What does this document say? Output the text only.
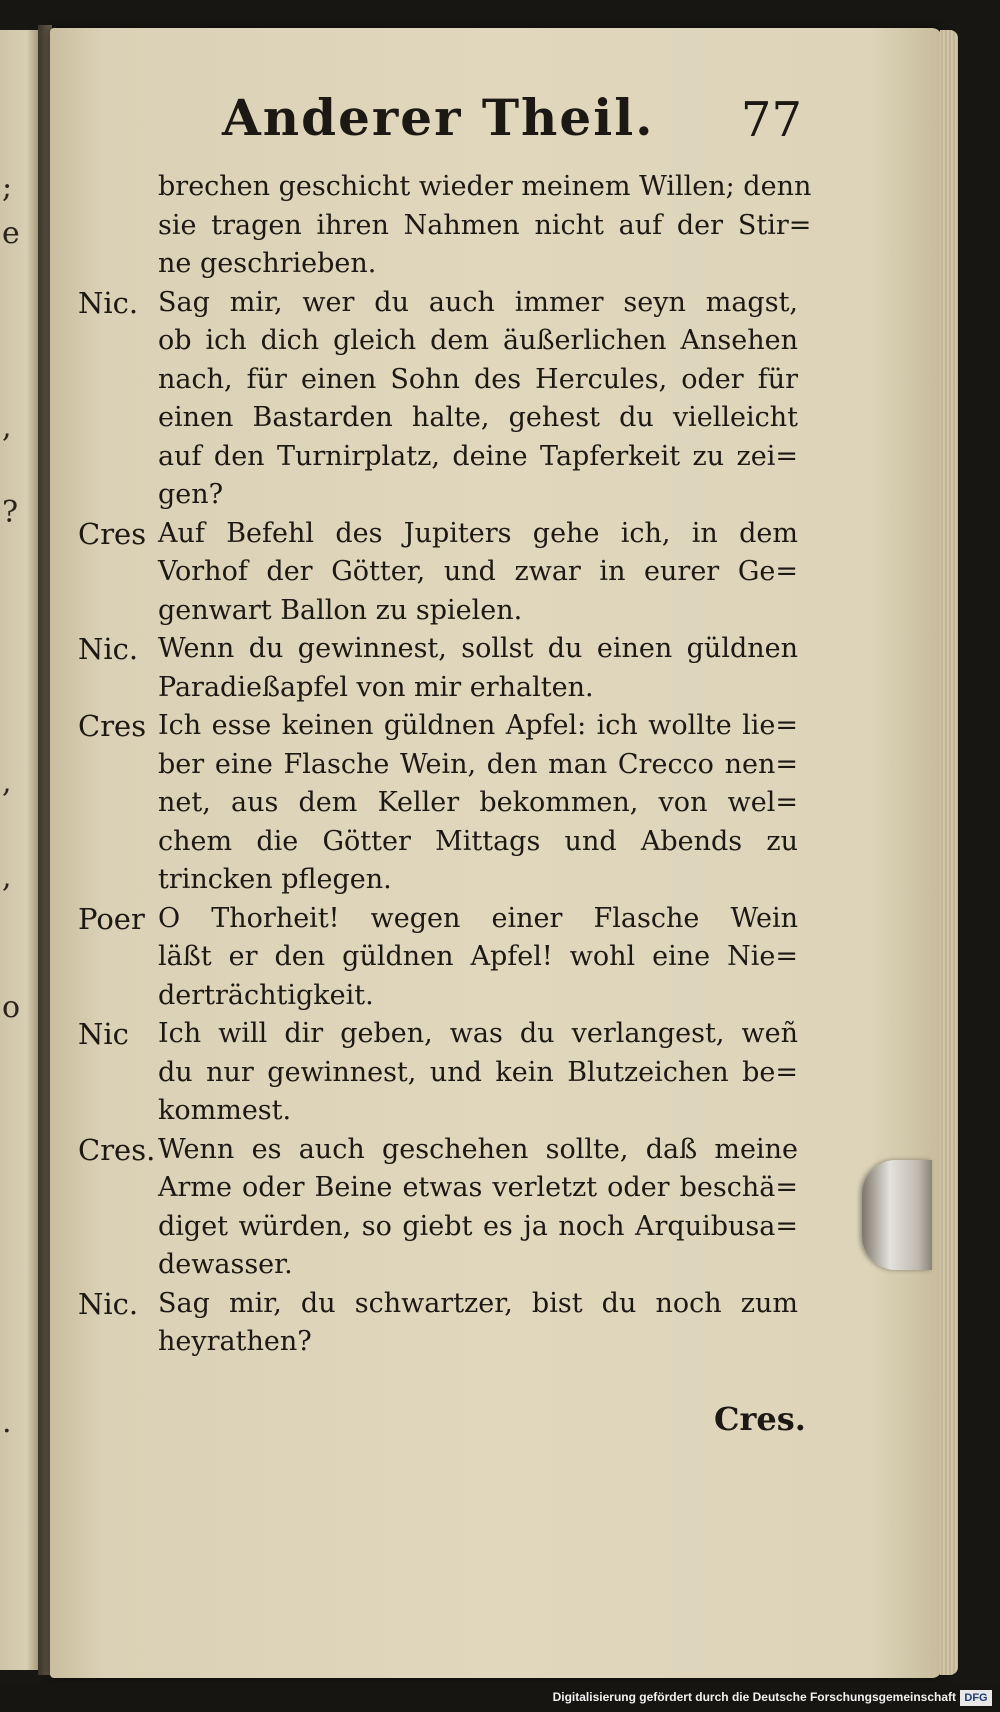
;
e
,
?
,
,
o
.
Anderer Theil. 77
brechen geschicht wieder meinem Willen; denn
sie tragen ihren Nahmen nicht auf der Stir=
ne geschrieben.
Nic. Sag mir, wer du auch immer seyn magst,
ob ich dich gleich dem äußerlichen Ansehen
nach, für einen Sohn des Hercules, oder für
einen Bastarden halte, gehest du vielleicht
auf den Turnirplatz, deine Tapferkeit zu zei=
gen?
Cres Auf Befehl des Jupiters gehe ich, in dem
Vorhof der Götter, und zwar in eurer Ge=
genwart Ballon zu spielen.
Nic. Wenn du gewinnest, sollst du einen güldnen
Paradießapfel von mir erhalten.
Cres Ich esse keinen güldnen Apfel: ich wollte lie=
ber eine Flasche Wein, den man Crecco nen=
net, aus dem Keller bekommen, von wel=
chem die Götter Mittags und Abends zu
trincken pflegen.
Poer O Thorheit! wegen einer Flasche Wein
läßt er den güldnen Apfel! wohl eine Nie=
derträchtigkeit.
Nic	Ich will dir geben, was du verlangest, weñ
du nur gewinnest, und kein Blutzeichen be=
kommest.
Cres. Wenn es auch geschehen sollte, daß meine
Arme oder Beine etwas verletzt oder beschä=
diget würden, so giebt es ja noch Arquibusa=
dewasser.
Nic. Sag mir, du schwartzer, bist du noch zum
heyrathen?
Cres.
Digitalisierung gefördert durch die Deutsche Forschungsgemeinschaft DFG
